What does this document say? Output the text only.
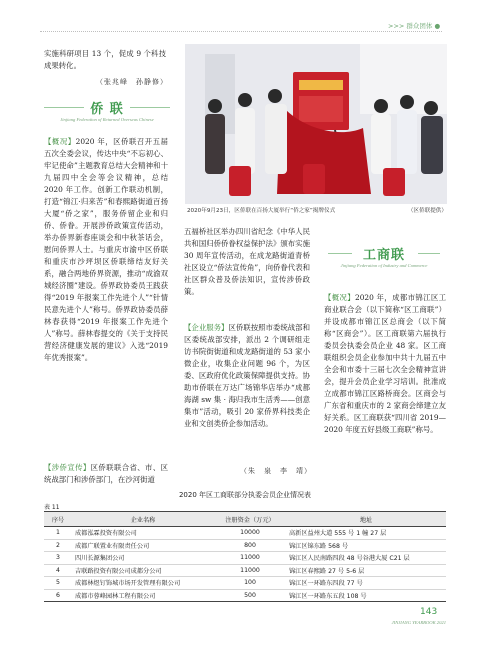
>>> 群众团体 ●
实施科研项目 13 个，促成 9 个科技成果转化。
（张兆峰　孙静修）
侨 联
Jinjiang Federation of Returned Overseas Chinese
【概况】2020 年，区侨联召开五届五次全委会议，传达中央“不忘初心、牢记使命”主题教育总结大会精神和十九届四中全会等会议精神，总结 2020 年工作。创新工作联动机制，打造“锦江·归来苦”和春熙路街道百扬大厦“侨之家”，服务侨留企业和归侨、侨眷。开展涉侨政策宣传活动，举办侨界新春座谈会和中秋茶话会，慰问侨界人士。与重庆市渝中区侨联和重庆市沙坪坝区侨联缔结友好关系，融合两地侨界资源，推动“成渝双城经济圈”建设。侨界政协委员王践获得“2019 年报案工作先进个人”“针情民意先进个人”称号。侨界政协委员薛林春获得“2019 年报案工作先进个人”称号。薛林春提交的《关于支持民营经济健康发展的建议》入选“2019 年优秀报案”。
【涉侨宣传】区侨联联合省、市、区统战部门和涉侨部门，在沙河街道
2020年9月23日，区侨联在百扬大厦举行“侨之家”揭牌仪式	（区侨联提供）
五福桥社区举办四川省纪念《中华人民共和国归侨侨眷权益保护法》颁布实施 30 周年宣传活动，在成龙路街道青桥社区设立“侨法宣传角”，向侨眷代表和社区群众普及侨法知识，宣传涉侨政策。
【企业服务】区侨联按照市委统战部和区委统战部安排，派出 2 个调研组走访书院街街道和成龙路街道的 53 家小微企业，收集企业问题 96 个，为区委、区政府优化政策保障提供支持。协助市侨联在万达广场锦华店举办“成都海湖 sw 集 · 海归我市生活秀——创意集市”活动，吸引 20 家侨界科技类企业和文创类侨企参加活动。
（朱　泉　李　靖）
工商联
Jinjiang Federation of Industry and Commerce
【概况】2020 年，成都市锦江区工商业联合会（以下简称“区工商联”）并设成都市锦江区总商会（以下简称“区商会”）。区工商联第六届执行委员会执委会员企业 48 家。区工商联组织会员企业参加中共十九届五中全会和市委十三届七次全会精神宣讲会，提升会员企业学习培训。批准成立成都市锦江区路桥商会。区商会与广东省和重庆市的 2 家商会缔建立友好关系。区工商联获“四川省 2019—2020 年度五好县级工商联”称号。
2020 年区工商联部分执委会员企业情况表
表 11
序号	企业名称	注册资金（万元）	地址
1	成都泓霖投资有限公司	10000	高新区益州大道 555 号 1 幢 27 层
2	成都广联置业有限责任公司	800	锦江区锦东路 568 号
3	四川长源集团公司	11000	锦江区人民南路四段 48 号谷港大厦 C21 层
4	吉联路投资有限公司成都分公司	11000	锦江区春熙路 27 号 5-6 层
5	成都林煜钉饰城市场开发管理有限公司	100	锦江区一环路东四段 77 号
6	成都市蓉峰园林工程有限公司	500	锦江区一环路东五段 108 号
143
JINJIANG YEARBOOK 2021
